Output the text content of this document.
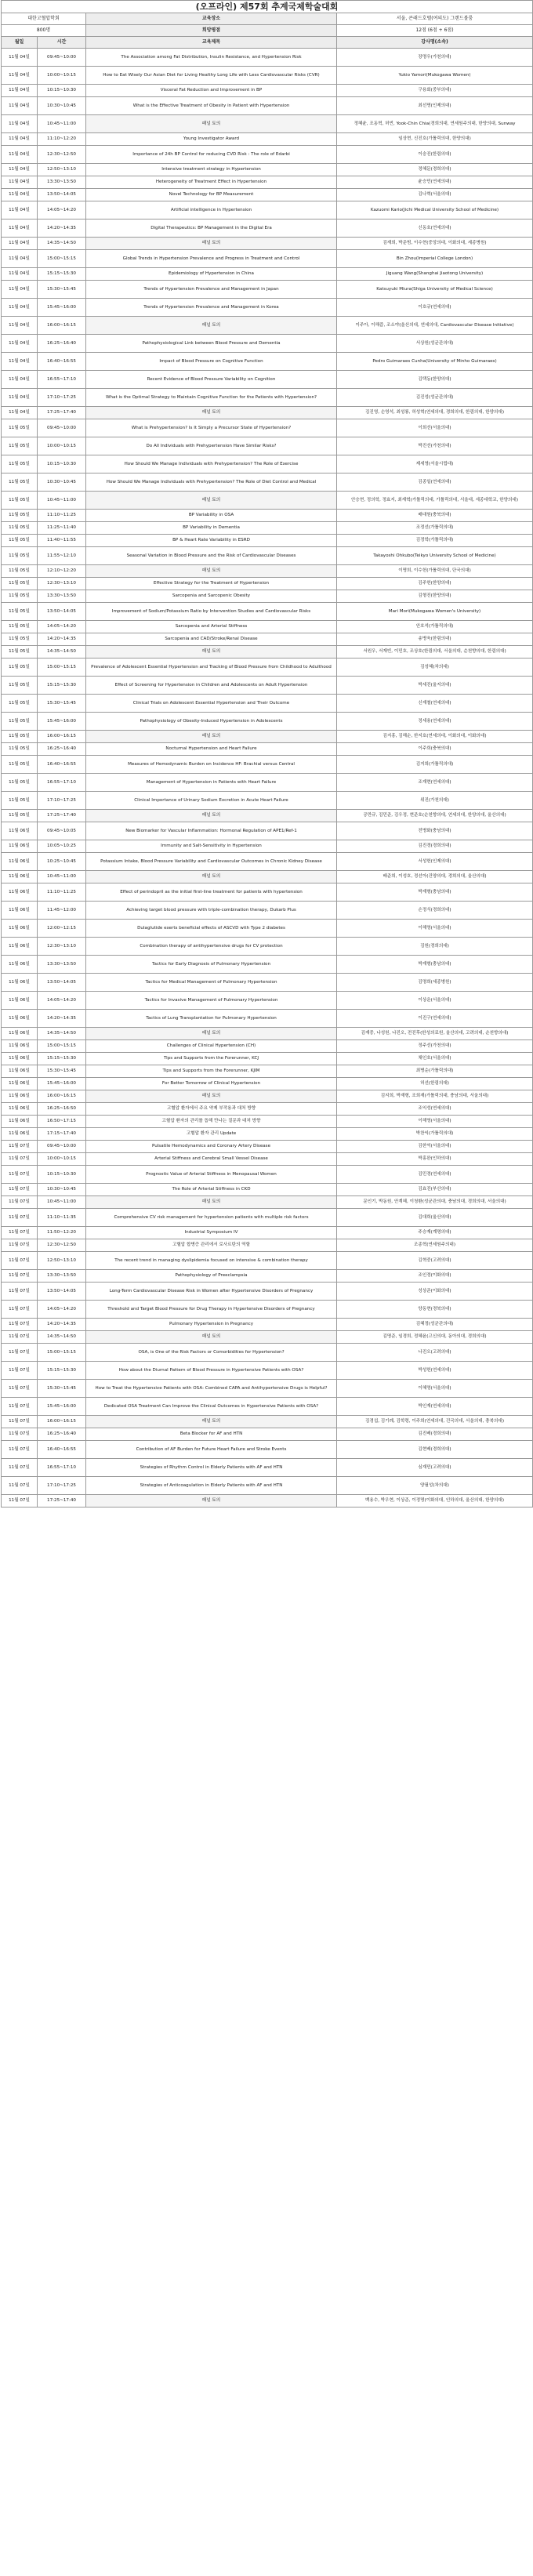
(오프라인) 제57회 추계국제학술대회			
대한고혈압학회		교육장소	서울, 콘래드호텔(여의도) 그랜드볼룸
800명		희망평점	12점 (6점 + 6점)
월일	시간	교육제목	강사명(소속)
11월 04일	09:45~10:00	The Association among Fat Distribution, Insulin Resistance, and Hypertension Risk	장명우(가천의대)
11월 04일	10:00~10:15	How to Eat Wisely Our Asian Diet for Living Healthy Long Life with Less Cardiovascular Risks (CVR)	Yukio Yamori(Mukogawa Women)
11월 04일	10:15~10:30	Visceral Fat Reduction and Improvement in BP	구용회(중부의대)
11월 04일	10:30~10:45	What is the Effective Treatment of Obesity in Patient with Hypertension	최선명(인제의대)
11월 04일	10:45~11:00	패널 토의	정혜윤, 조동혁, 허빈, Yook-Chin Chia(경희의대, 연세원주의대, 한양의대, Sunway
11월 04일	11:10~12:20	Young Investigator Award	임상현, 신진호(가톨릭의대, 한양의대)
11월 04일	12:30~12:50	Importance of 24h BP Control for reducing CVD Risk : The role of Edarbi	이숭진(한림의대)
11월 04일	12:50~13:10	Intensive treatment strategy in Hypertension	정혜문(경희의대)
11월 04일	13:30~13:50	Heterogeneity of Treatment Effect in Hypertension	윤승민(연세의대)
11월 04일	13:50~14:05	Novel Technology for BP Measurement	김나혁(서울의대)
11월 04일	14:05~14:20	Artificial intelligence in Hypertension	Kazuomi Kario(Jichi Medical University School of Medicine)
11월 04일	14:20~14:35	Digital Therapeutics: BP Management in the Digital Era	신동호(연세의대)
11월 04일	14:35~14:50	패널 토의	김재희, 박준범, 이수현(중앙의대, 이화의대, 세종병원)
11월 04일	15:00~15:15	Global Trends in Hypertension Prevalence and Progress in Treatment and Control	Bin Zhou(Imperial College London)
11월 04일	15:15~15:30	Epidemiology of Hypertension in China	Jiguang Wang(Shanghai Jiaotong University)
11월 04일	15:30~15:45	Trends of Hypertension Prevalence and Management in Japan	Katsuyuki Miura(Shiga University of Medical Science)
11월 04일	15:45~16:00	Trends of Hypertension Prevalence and Management in Korea	이호규(연세의대)
11월 04일	16:00~16:15	패널 토의	이주아, 이해즙, 조소야(울산의대, 연세의대, Cardiovascular Disease Initiative)
11월 04일	16:25~16:40	Pathophysiological Link between Blood Pressure and Dementia	서상원(성균관의대)
11월 04일	16:40~16:55	Impact of Blood Pressure on Cognitive Function	Pedro Guimaraes Cunha(University of Minho Guimaraes)
11월 04일	16:55~17:10	Recent Evidence of Blood Pressure Variability on Cognition	김택동(한양의대)
11월 04일	17:10~17:25	What is the Optimal Strategy to Maintain Cognitive Function for the Patients with Hypertension?	김진성(성균관의대)
11월 04일	17:25~17:40	패널 토의	김진영, 손영석, 최성룡, 허성혁(연세의대, 경희의대, 한림의대, 한양의대)
11월 05일	09:45~10:00	What is Prehypertension? Is It Simply a Precursor State of Hypertension?	이희선(서울의대)
11월 05일	10:00~10:15	Do All Individuals with Prehypertension Have Similar Risks?	박진선(가천의대)
11월 05일	10:15~10:30	How Should We Manage Individuals with Prehypertension? The Role of Exercise	제세영(서울시립대)
11월 05일	10:30~10:45	How Should We Manage Individuals with Prehypertension? The Role of Diet Control and Medical	김종일(연세의대)
11월 05일	10:45~11:00	패널 토의	안승현, 정의학, 정효지, 최재혁(가톨릭의대, 가톨릭의대, 서울대, 세종대학교, 한양의대)
11월 05일	11:10~11:25	BP Variability in OSA	배대원(충북의대)
11월 05일	11:25~11:40	BP Variability in Dementia	조정선(가톨릭의대)
11월 05일	11:40~11:55	BP & Heart Rate Variability in ESRD	김정학(가톨릭의대)
11월 05일	11:55~12:10	Seasonal Variation in Blood Pressure and the Risk of Cardiovascular Diseases	Takayoshi Ohkubo(Teikyo University School of Medicine)
11월 05일	12:10~12:20	패널 토의	이명희, 이수헌(가톨릭의대, 단국의대)
11월 05일	12:30~13:10	Effective Strategy for the Treatment of Hypertension	김주헌(한양의대)
11월 05일	13:30~13:50	Sarcopenia and Sarcopenic Obesity	김형진(한양의대)
11월 05일	13:50~14:05	Improvement of Sodium/Potassium Ratio by Intervention Studies and Cardiovascular Risks	Mari Mori(Mukogawa Women's University)
11월 05일	14:05~14:20	Sarcopenia and Arterial Stiffness	안호석(가톨릭의대)
11월 05일	14:20~14:35	Sarcopenia and CAD/Stroke/Renal Disease	송병욱(한림의대)
11월 05일	14:35~14:50	패널 토의	서원우, 서재빈, 이민호, 조상호(한림의대, 서울의대, 순천향의대, 한림의대)
11월 05일	15:00~15:15	Prevalence of Adolescent Essential Hypertension and Tracking of Blood Pressure from Childhood to Adulthood	김성혜(차의대)
11월 05일	15:15~15:30	Effect of Screening for Hypertension in Children and Adolescents on Adult Hypertension	박세진(울지의대)
11월 05일	15:30~15:45	Clinical Trials on Adolescent Essential Hypertension and Their Outcome	신재철(연세의대)
11월 05일	15:45~16:00	Pathophysiology of Obesity-Induced Hypertension in Adolescents	정세용(연세의대)
11월 05일	16:00~16:15	패널 토의	김지홍, 김해순, 한지호(연세의대, 이화의대, 이화의대)
11월 05일	16:25~16:40	Nocturnal Hypertension and Heart Failure	이주희(충북의대)
11월 05일	16:40~16:55	Measures of Hemodynamic Burden on Incidence HF: Brachial versus Central	김지희(가톨릭의대)
11월 05일	16:55~17:10	Management of Hypertension in Patients with Heart Failure	조재현(연세의대)
11월 05일	17:10~17:25	Clinical Importance of Urinary Sodium Excretion in Acute Heart Failure	위진(가천의대)
11월 05일	17:25~17:40	패널 토의	공만규, 김민준, 김우정, 현준호(순천향의대, 연세의대, 한양의대, 울산의대)
11월 06일	09:45~10:05	New Biomarker for Vascular Inflammation: Hormonal Regulation of APE1/Ref-1	전병화(충남의대)
11월 06일	10:05~10:25	Immunity and Salt-Sensitivity in Hypertension	김진경(경희의대)
11월 06일	10:25~10:45	Potassium Intake, Blood Pressure Variability and Cardiovascular Outcomes in Chronic Kidney Disease	서성헌(인제의대)
11월 06일	10:45~11:00	패널 토의	배준희, 이성호, 정선아(건양의대, 경희의대, 울산의대)
11월 06일	11:10~11:25	Effect of perindopril as the initial first-line treatment for patients with hypertension	박재형(충남의대)
11월 06일	11:45~12:00	Achieving target blood pressure with triple-combination therapy, Dukarb Plus	손정식(경희의대)
11월 06일	12:00~12:15	Dulaglutide exerts beneficial effects of ASCVD with Type 2 diabetes	이해영(서울의대)
11월 06일	12:30~13:10	Combination therapy of antihypertensive drugs for CV protection	김원(경희의대)
11월 06일	13:30~13:50	Tactics for Early Diagnosis of Pulmonary Hypertension	박재형(충남의대)
11월 06일	13:50~14:05	Tactics for Medical Management of Pulmonary Hypertension	김명희(세종병원)
11월 06일	14:05~14:20	Tactics for Invasive Management of Pulmonary Hypertension	이상운(서울의대)
11월 06일	14:20~14:35	Tactics of Lung Transplantation for Pulmonary Hypertension	이진구(연세의대)
11월 06일	14:35~14:50	패널 토의	김재중, 나성원, 나진오, 전진후(한성의료원, 울산의대, 고려의대, 순천향의대)
11월 06일	15:00~15:15	Challenges of Clinical Hypertension (CH)	정주선(가천의대)
11월 06일	15:15~15:30	Tips and Supports from the Forerunner, KCJ	채인호(서울의대)
11월 06일	15:30~15:45	Tips and Supports from the Forerunner, KJIM	최병순(가톨릭의대)
11월 06일	15:45~16:00	For Better Tomorrow of Clinical Hypertension	허선(한림의대)
11월 06일	16:00~16:15	패널 토의	김지희, 박재형, 조희재(가톨릭의대, 충남의대, 서울의대)
11월 06일	16:25~16:50	고혈압 환자에서 주요 약제 부작용과 대처 방향	조익성(연세의대)
11월 06일	16:50~17:15	고혈압 환자의 관리를 돕해 만나는 질문과 대처 방향	이해영(서울의대)
11월 06일	17:15~17:40	고혈압 환자 관리 Update	박찬익(가톨릭의대)
11월 07일	09:45~10:00	Pulsatile Hemodynamics and Coronary Artery Disease	김한억(서울의대)
11월 07일	10:00~10:15	Arterial Stiffness and Cerebral Small Vessel Disease	박홍완(인하의대)
11월 07일	10:15~10:30	Prognostic Value of Arterial Stiffness in Menopausal Women	김민경(연세의대)
11월 07일	10:30~10:45	The Role of Arterial Stiffness in CKD	김효진(부산의대)
11월 07일	10:45~11:00	패널 토의	문인기, 박동원, 안계혜, 이청환(성균관의대, 충남의대, 경희의대, 서울의대)
11월 07일	11:10~11:35	Comprehensive CV risk management for hypertension patients with multiple risk factors	김대희(울산의대)
11월 07일	11:50~12:20	Industrial Symposium IV	주승재(계명의대)
11월 07일	12:30~12:50	고혈압 합병증 관리에서 로사르탄의 역할	조종혁(연세원주의대)
11월 07일	12:50~13:10	The recent trend in managing dyslipidemia focused on intensive & combination therapy	김혁중(고려의대)
11월 07일	13:30~13:50	Pathophysiology of Preeclampsia	조인정(이화의대)
11월 07일	13:50~14:05	Long-Term Cardiovascular Disease Risk in Women after Hypertensive Disorders of Pregnancy	성상준(이화의대)
11월 07일	14:05~14:20	Threshold and Target Blood Pressure for Drug Therapy in Hypertensive Disorders of Pregnancy	양동현(경북의대)
11월 07일	14:20~14:35	Pulmonary Hypertension in Pregnancy	김혜정(성균관의대)
11월 07일	14:35~14:50	패널 토의	김명준, 임경희, 정혜윤(고신의대, 동아의대, 경희의대)
11월 07일	15:00~15:15	OSA, is One of the Risk Factors or Comorbidities for Hypertension?	나진오(고려의대)
11월 07일	15:15~15:30	How about the Diurnal Pattern of Blood Pressure in Hypertensive Patients with OSA?	박성헌(연세의대)
11월 07일	15:30~15:45	How to Treat the Hypertensive Patients with OSA: Combined CAPA and Antihypertensive Drugs is Helpful?	이혜영(서울의대)
11월 07일	15:45~16:00	Dedicated OSA Treatment Can Improve the Clinical Outcomes in Hypertensive Patients with OSA?	박인재(연세의대)
11월 07일	16:00~16:15	패널 토의	김경섭, 김기례, 김학령, 이주희(연세의대, 건국의대, 서울의대, 충북의대)
11월 07일	16:25~16:40	Beta Blocker for AF and HTN	김진배(경희의대)
11월 07일	16:40~16:55	Contribution of AF Burden for Future Heart Failure and Stroke Events	김현배(경희의대)
11월 07일	16:55~17:10	Strategies of Rhythm Control in Elderly Patients with AF and HTN	심재민(고려의대)
11월 07일	17:10~17:25	Strategies of Anticoagulation in Elderly Patients with AF and HTN	양필성(차의대)
11월 07일	17:25~17:40	패널 토의	백용수, 박우현, 이상준, 이정명(이화의대, 인하의대, 울산의대, 한양의대)
